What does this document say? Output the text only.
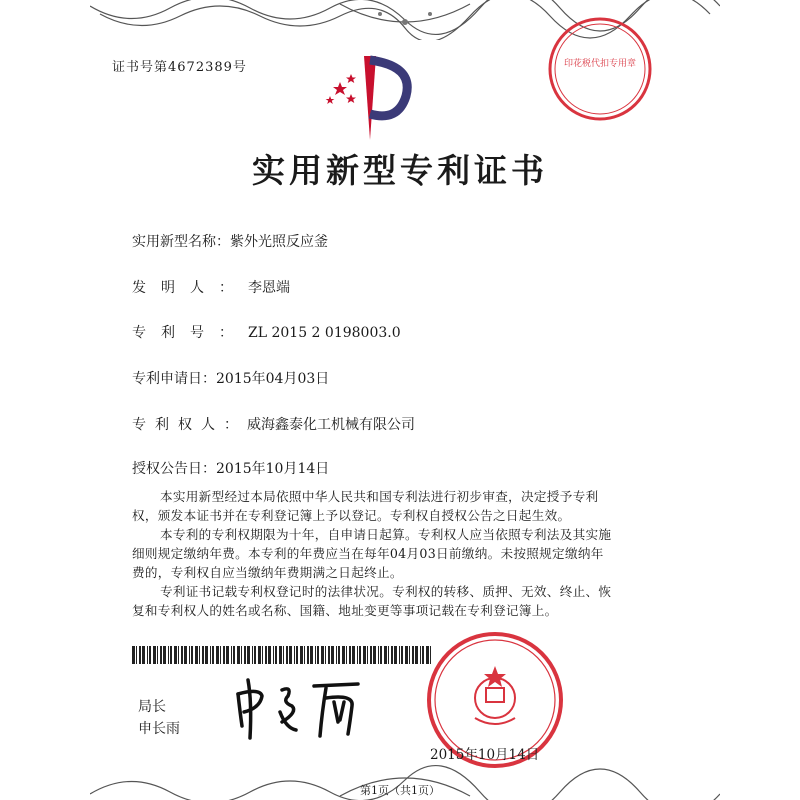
证书号第4672389号
实用新型专利证书
实用新型名称：紫外光照反应釜
发明人：李恩端
专利号：ZL 2015 2 0198003.0
专利申请日：2015年04月03日
专利权人：威海鑫泰化工机械有限公司
授权公告日：2015年10月14日
本实用新型经过本局依照中华人民共和国专利法进行初步审查，决定授予专利权，颁发本证书并在专利登记簿上予以登记。专利权自授权公告之日起生效。
本专利的专利权期限为十年，自申请日起算。专利权人应当依照专利法及其实施细则规定缴纳年费。本专利的年费应当在每年04月03日前缴纳。未按照规定缴纳年费的，专利权自应当缴纳年费期满之日起终止。
专利证书记载专利权登记时的法律状况。专利权的转移、质押、无效、终止、恢复和专利权人的姓名或名称、国籍、地址变更等事项记载在专利登记簿上。
局长
申长雨
印花税代扣专用章
2015年10月14日
第1页（共1页）
